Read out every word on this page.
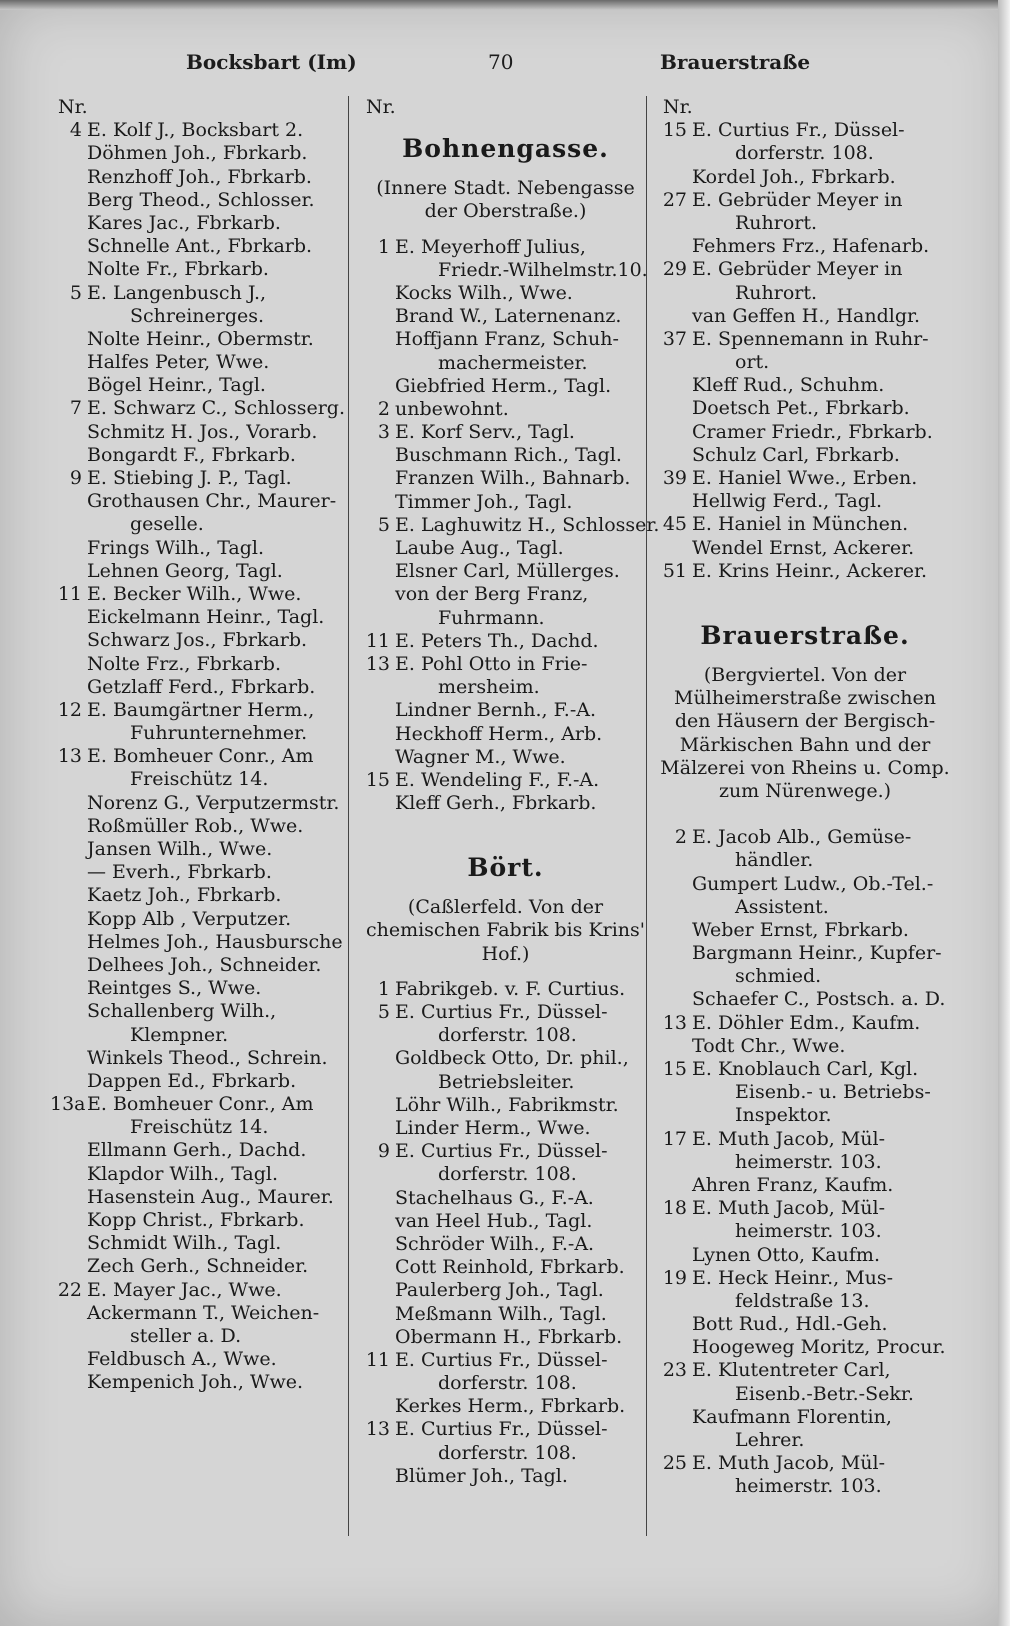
Bocksbart (Im)	70	Brauerstraße
Nr.
4 E. Kolf J., Bocksbart 2.
Döhmen Joh., Fbrkarb.
Renzhoff Joh., Fbrkarb.
Berg Theod., Schlosser.
Kares Jac., Fbrkarb.
Schnelle Ant., Fbrkarb.
Nolte Fr., Fbrkarb.
5 E. Langenbusch J.,
Schreinerges.
Nolte Heinr., Obermstr.
Halfes Peter, Wwe.
Bögel Heinr., Tagl.
7 E. Schwarz C., Schlosserg.
Schmitz H. Jos., Vorarb.
Bongardt F., Fbrkarb.
9 E. Stiebing J. P., Tagl.
Grothausen Chr., Maurer-
geselle.
Frings Wilh., Tagl.
Lehnen Georg, Tagl.
11 E. Becker Wilh., Wwe.
Eickelmann Heinr., Tagl.
Schwarz Jos., Fbrkarb.
Nolte Frz., Fbrkarb.
Getzlaff Ferd., Fbrkarb.
12 E. Baumgärtner Herm.,
Fuhrunternehmer.
13 E. Bomheuer Conr., Am
Freischütz 14.
Norenz G., Verputzermstr.
Roßmüller Rob., Wwe.
Jansen Wilh., Wwe.
— Everh., Fbrkarb.
Kaetz Joh., Fbrkarb.
Kopp Alb , Verputzer.
Helmes Joh., Hausbursche
Delhees Joh., Schneider.
Reintges S., Wwe.
Schallenberg Wilh.,
Klempner.
Winkels Theod., Schrein.
Dappen Ed., Fbrkarb.
13aE. Bomheuer Conr., Am
Freischütz 14.
Ellmann Gerh., Dachd.
Klapdor Wilh., Tagl.
Hasenstein Aug., Maurer.
Kopp Christ., Fbrkarb.
Schmidt Wilh., Tagl.
Zech Gerh., Schneider.
22 E. Mayer Jac., Wwe.
Ackermann T., Weichen-
steller a. D.
Feldbusch A., Wwe.
Kempenich Joh., Wwe.
Nr.
Bohnengasse.
(Innere Stadt. Nebengasse der Oberstraße.)
1 E. Meyerhoff Julius,
Friedr.-Wilhelmstr.10.
Kocks Wilh., Wwe.
Brand W., Laternenanz.
Hoffjann Franz, Schuh-
machermeister.
Giebfried Herm., Tagl.
2 unbewohnt.
3 E. Korf Serv., Tagl.
Buschmann Rich., Tagl.
Franzen Wilh., Bahnarb.
Timmer Joh., Tagl.
5 E. Laghuwitz H., Schlosser.
Laube Aug., Tagl.
Elsner Carl, Müllerges.
von der Berg Franz,
Fuhrmann.
11 E. Peters Th., Dachd.
13 E. Pohl Otto in Frie-
mersheim.
Lindner Bernh., F.-A.
Heckhoff Herm., Arb.
Wagner M., Wwe.
15 E. Wendeling F., F.-A.
Kleff Gerh., Fbrkarb.
Bört.
(Caßlerfeld. Von der chemischen Fabrik bis Krins' Hof.)
1 Fabrikgeb. v. F. Curtius.
5 E. Curtius Fr., Düssel-
dorferstr. 108.
Goldbeck Otto, Dr. phil.,
Betriebsleiter.
Löhr Wilh., Fabrikmstr.
Linder Herm., Wwe.
9 E. Curtius Fr., Düssel-
dorferstr. 108.
Stachelhaus G., F.-A.
van Heel Hub., Tagl.
Schröder Wilh., F.-A.
Cott Reinhold, Fbrkarb.
Paulerberg Joh., Tagl.
Meßmann Wilh., Tagl.
Obermann H., Fbrkarb.
11 E. Curtius Fr., Düssel-
dorferstr. 108.
Kerkes Herm., Fbrkarb.
13 E. Curtius Fr., Düssel-
dorferstr. 108.
Blümer Joh., Tagl.
Nr.
15 E. Curtius Fr., Düssel-
dorferstr. 108.
Kordel Joh., Fbrkarb.
27 E. Gebrüder Meyer in
Ruhrort.
Fehmers Frz., Hafenarb.
29 E. Gebrüder Meyer in
Ruhrort.
van Geffen H., Handlgr.
37 E. Spennemann in Ruhr-
ort.
Kleff Rud., Schuhm.
Doetsch Pet., Fbrkarb.
Cramer Friedr., Fbrkarb.
Schulz Carl, Fbrkarb.
39 E. Haniel Wwe., Erben.
Hellwig Ferd., Tagl.
45 E. Haniel in München.
Wendel Ernst, Ackerer.
51 E. Krins Heinr., Ackerer.
Brauerstraße.
(Bergviertel. Von der Mülheimerstraße zwischen den Häusern der Bergisch-Märkischen Bahn und der Mälzerei von Rheins u. Comp. zum Nürenwege.)
2 E. Jacob Alb., Gemüse-
händler.
Gumpert Ludw., Ob.-Tel.-
Assistent.
Weber Ernst, Fbrkarb.
Bargmann Heinr., Kupfer-
schmied.
Schaefer C., Postsch. a. D.
13 E. Döhler Edm., Kaufm.
Todt Chr., Wwe.
15 E. Knoblauch Carl, Kgl.
Eisenb.- u. Betriebs-
Inspektor.
17 E. Muth Jacob, Mül-
heimerstr. 103.
Ahren Franz, Kaufm.
18 E. Muth Jacob, Mül-
heimerstr. 103.
Lynen Otto, Kaufm.
19 E. Heck Heinr., Mus-
feldstraße 13.
Bott Rud., Hdl.-Geh.
Hoogeweg Moritz, Procur.
23 E. Klutentreter Carl,
Eisenb.-Betr.-Sekr.
Kaufmann Florentin,
Lehrer.
25 E. Muth Jacob, Mül-
heimerstr. 103.
